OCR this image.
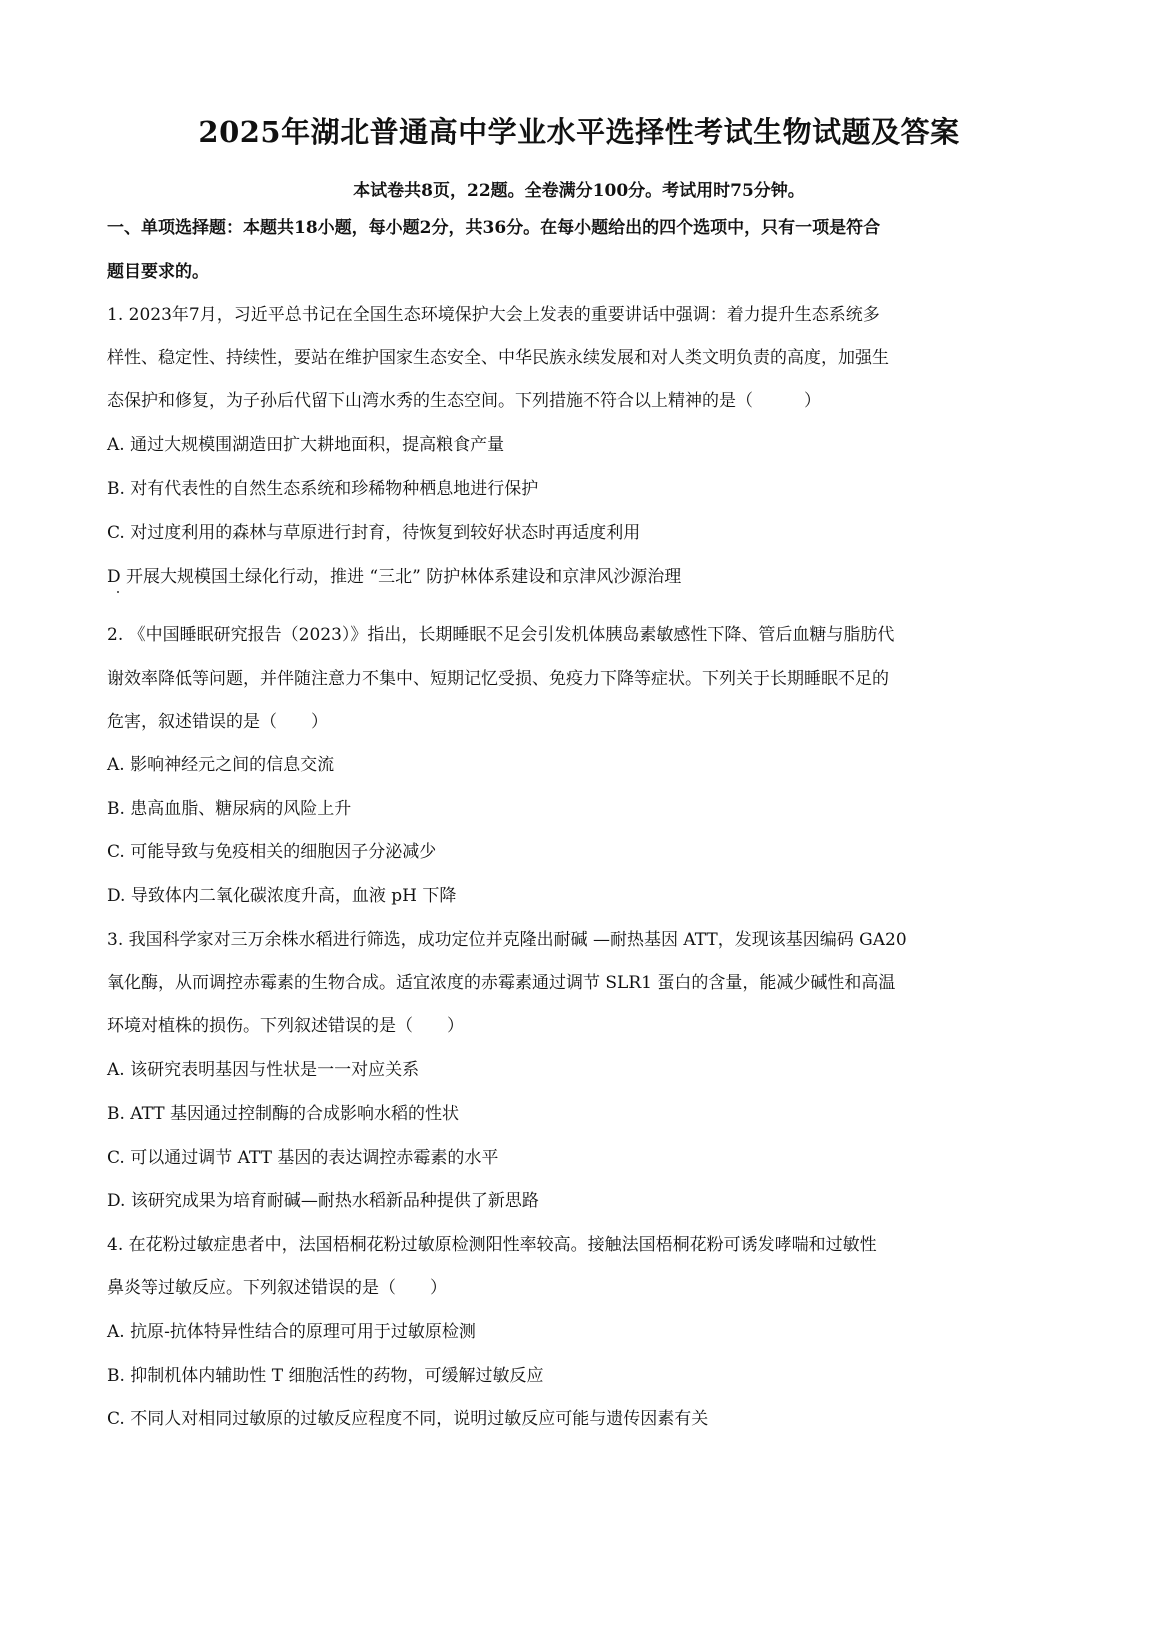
2025年湖北普通高中学业水平选择性考试生物试题及答案
本试卷共8页，22题。全卷满分100分。考试用时75分钟。
一、单项选择题：本题共18小题，每小题2分，共36分。在每小题给出的四个选项中，只有一项是符合
题目要求的。
1. 2023年7月，习近平总书记在全国生态环境保护大会上发表的重要讲话中强调：着力提升生态系统多
样性、稳定性、持续性，要站在维护国家生态安全、中华民族永续发展和对人类文明负责的高度，加强生
态保护和修复，为子孙后代留下山湾水秀的生态空间。下列措施不符合以上精神的是（　　　）
A. 通过大规模围湖造田扩大耕地面积，提高粮食产量
B. 对有代表性的自然生态系统和珍稀物种栖息地进行保护
C. 对过度利用的森林与草原进行封育，待恢复到较好状态时再适度利用
D 开展大规模国土绿化行动，推进 “三北” 防护林体系建设和京津风沙源治理
2. 《中国睡眠研究报告（2023）》指出，长期睡眠不足会引发机体胰岛素敏感性下降、管后血糖与脂肪代
谢效率降低等问题，并伴随注意力不集中、短期记忆受损、免疫力下降等症状。下列关于长期睡眠不足的
危害，叙述错误的是（　　）
A. 影响神经元之间的信息交流
B. 患高血脂、糖尿病的风险上升
C. 可能导致与免疫相关的细胞因子分泌减少
D. 导致体内二氧化碳浓度升高，血液 pH 下降
3. 我国科学家对三万余株水稻进行筛选，成功定位并克隆出耐碱 —耐热基因 ATT，发现该基因编码 GA20
氧化酶，从而调控赤霉素的生物合成。适宜浓度的赤霉素通过调节 SLR1 蛋白的含量，能减少碱性和高温
环境对植株的损伤。下列叙述错误的是（　　）
A. 该研究表明基因与性状是一一对应关系
B. ATT 基因通过控制酶的合成影响水稻的性状
C. 可以通过调节 ATT 基因的表达调控赤霉素的水平
D. 该研究成果为培育耐碱—耐热水稻新品种提供了新思路
4. 在花粉过敏症患者中，法国梧桐花粉过敏原检测阳性率较高。接触法国梧桐花粉可诱发哮喘和过敏性
鼻炎等过敏反应。下列叙述错误的是（　　）
A. 抗原-抗体特异性结合的原理可用于过敏原检测
B. 抑制机体内辅助性 T 细胞活性的药物，可缓解过敏反应
C. 不同人对相同过敏原的过敏反应程度不同，说明过敏反应可能与遗传因素有关
